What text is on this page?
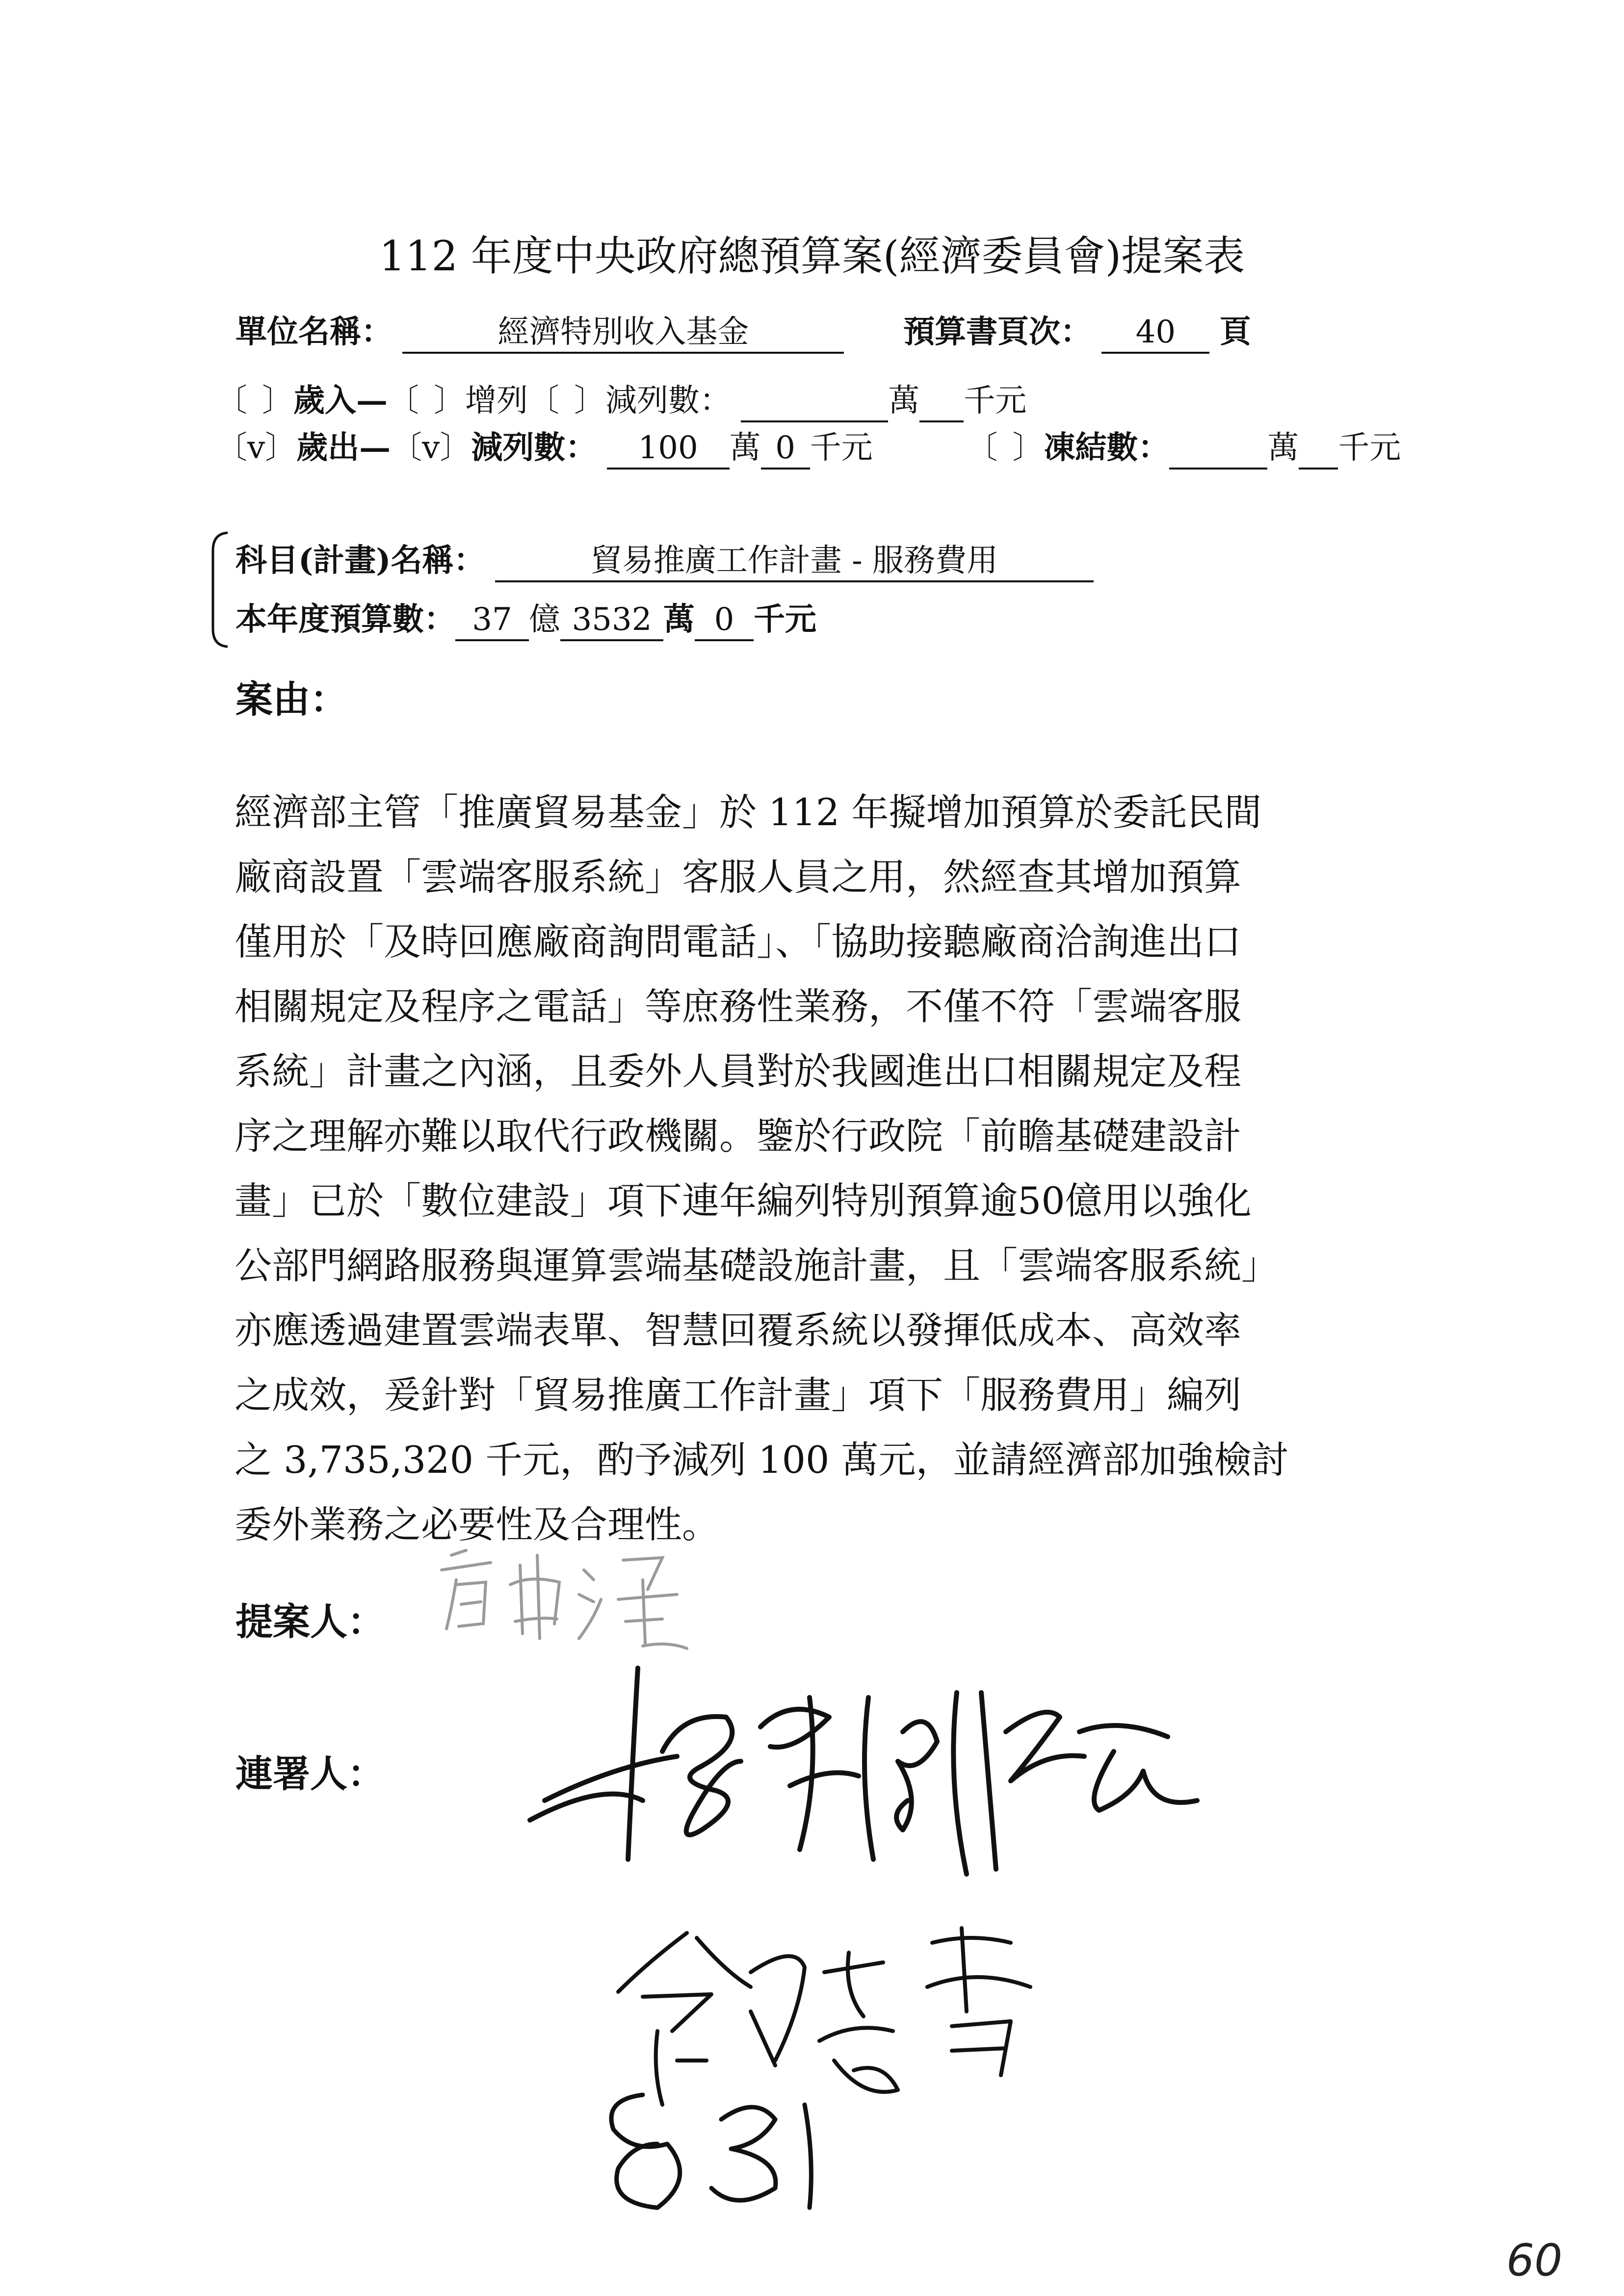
112 年度中央政府總預算案(經濟委員會)提案表
單位名稱：	經濟特別收入基金	預算書頁次： 40 頁
〔 〕歲入—〔 〕增列〔 〕減列數：	萬 千元
〔v〕歲出—〔v〕減列數： 100 萬 0 千元	〔 〕凍結數：	萬 千元
科目(計畫)名稱：	貿易推廣工作計畫 - 服務費用
本年度預算數： 37 億 3532 萬 0 千元
案由：
經濟部主管「推廣貿易基金」於 112 年擬增加預算於委託民間
廠商設置「雲端客服系統」客服人員之用，然經查其增加預算
僅用於「及時回應廠商詢問電話」、「協助接聽廠商洽詢進出口
相關規定及程序之電話」等庶務性業務，不僅不符「雲端客服
系統」計畫之內涵，且委外人員對於我國進出口相關規定及程
序之理解亦難以取代行政機關。鑒於行政院「前瞻基礎建設計
畫」已於「數位建設」項下連年編列特別預算逾50億用以強化
公部門網路服務與運算雲端基礎設施計畫，且「雲端客服系統」
亦應透過建置雲端表單、智慧回覆系統以發揮低成本、高效率
之成效，爰針對「貿易推廣工作計畫」項下「服務費用」編列
之 3,735,320 千元，酌予減列 100 萬元，並請經濟部加強檢討
委外業務之必要性及合理性。
提案人：
連署人：
60
